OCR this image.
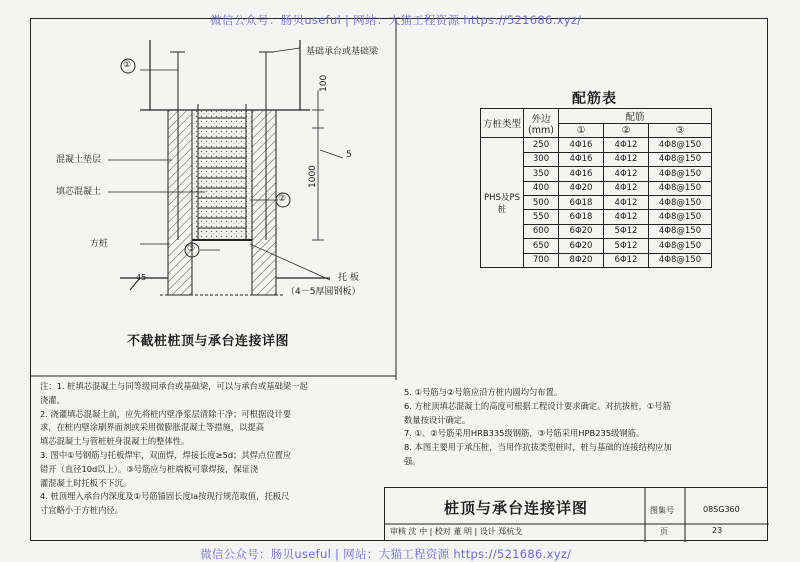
微信公众号：肠贝useful | 网站：大猫工程资源 https://521686.xyz/
基础承台或基础梁
①
②
③
100
1000
5
混凝土垫层
填芯混凝土
方桩
45	托 板
（4－5厚圆钢板）
不截桩桩顶与承台连接详图
配筋表
方桩类型	外边(mm)	配筋		
		①	②	③
PHS及PS桩	250	4Φ16	4Φ12	4Φ8@150
	300	4Φ16	4Φ12	4Φ8@150
	350	4Φ16	4Φ12	4Φ8@150
	400	4Φ20	4Φ12	4Φ8@150
	500	6Φ18	4Φ12	4Φ8@150
	550	6Φ18	4Φ12	4Φ8@150
	600	6Φ20	5Φ12	4Φ8@150
	650	6Φ20	5Φ12	4Φ8@150
	700	8Φ20	6Φ12	4Φ8@150
注：1. 桩填芯混凝土与同等级同承台或基础梁，可以与承台或基础梁一起
浇灌。
2. 浇灌填芯混凝土前，应先将桩内壁净浆层清除干净；可根据设计要
求，在桩内壁涂刷界面剂或采用微膨胀混凝土等措施，以提高
填芯混凝土与管桩桩身混凝土的整体性。
3. 图中①号钢筋与托板焊牢，双面焊，焊接长度≥5d；其焊点位置应
错开（直径10d以上）。③号筋应与桩端板可靠焊接，保证浇
灌混凝土时托板不下沉。
4. 桩顶埋入承台内深度及①号筋锚固长度la按现行规范取值，托板尺
寸宜略小于方桩内径。
5. ①号筋与②号筋应沿方桩内圆均匀布置。
6. 方桩顶填芯混凝土的高度可根据工程设计要求确定。对抗拔桩，①号筋
数量按设计确定。
7. ①、②号筋采用HRB335级钢筋，③号筋采用HPB235级钢筋。
8. 本图主要用于承压桩，当用作抗拔类型桩时，桩与基础的连接结构应加
强。
桩顶与承台连接详图	图集号	08SG360
审核 沈 中 | 校对 董 明 | 设计 郑杭戈	页	23
微信公众号：肠贝useful | 网站：大猫工程资源 https://521686.xyz/
